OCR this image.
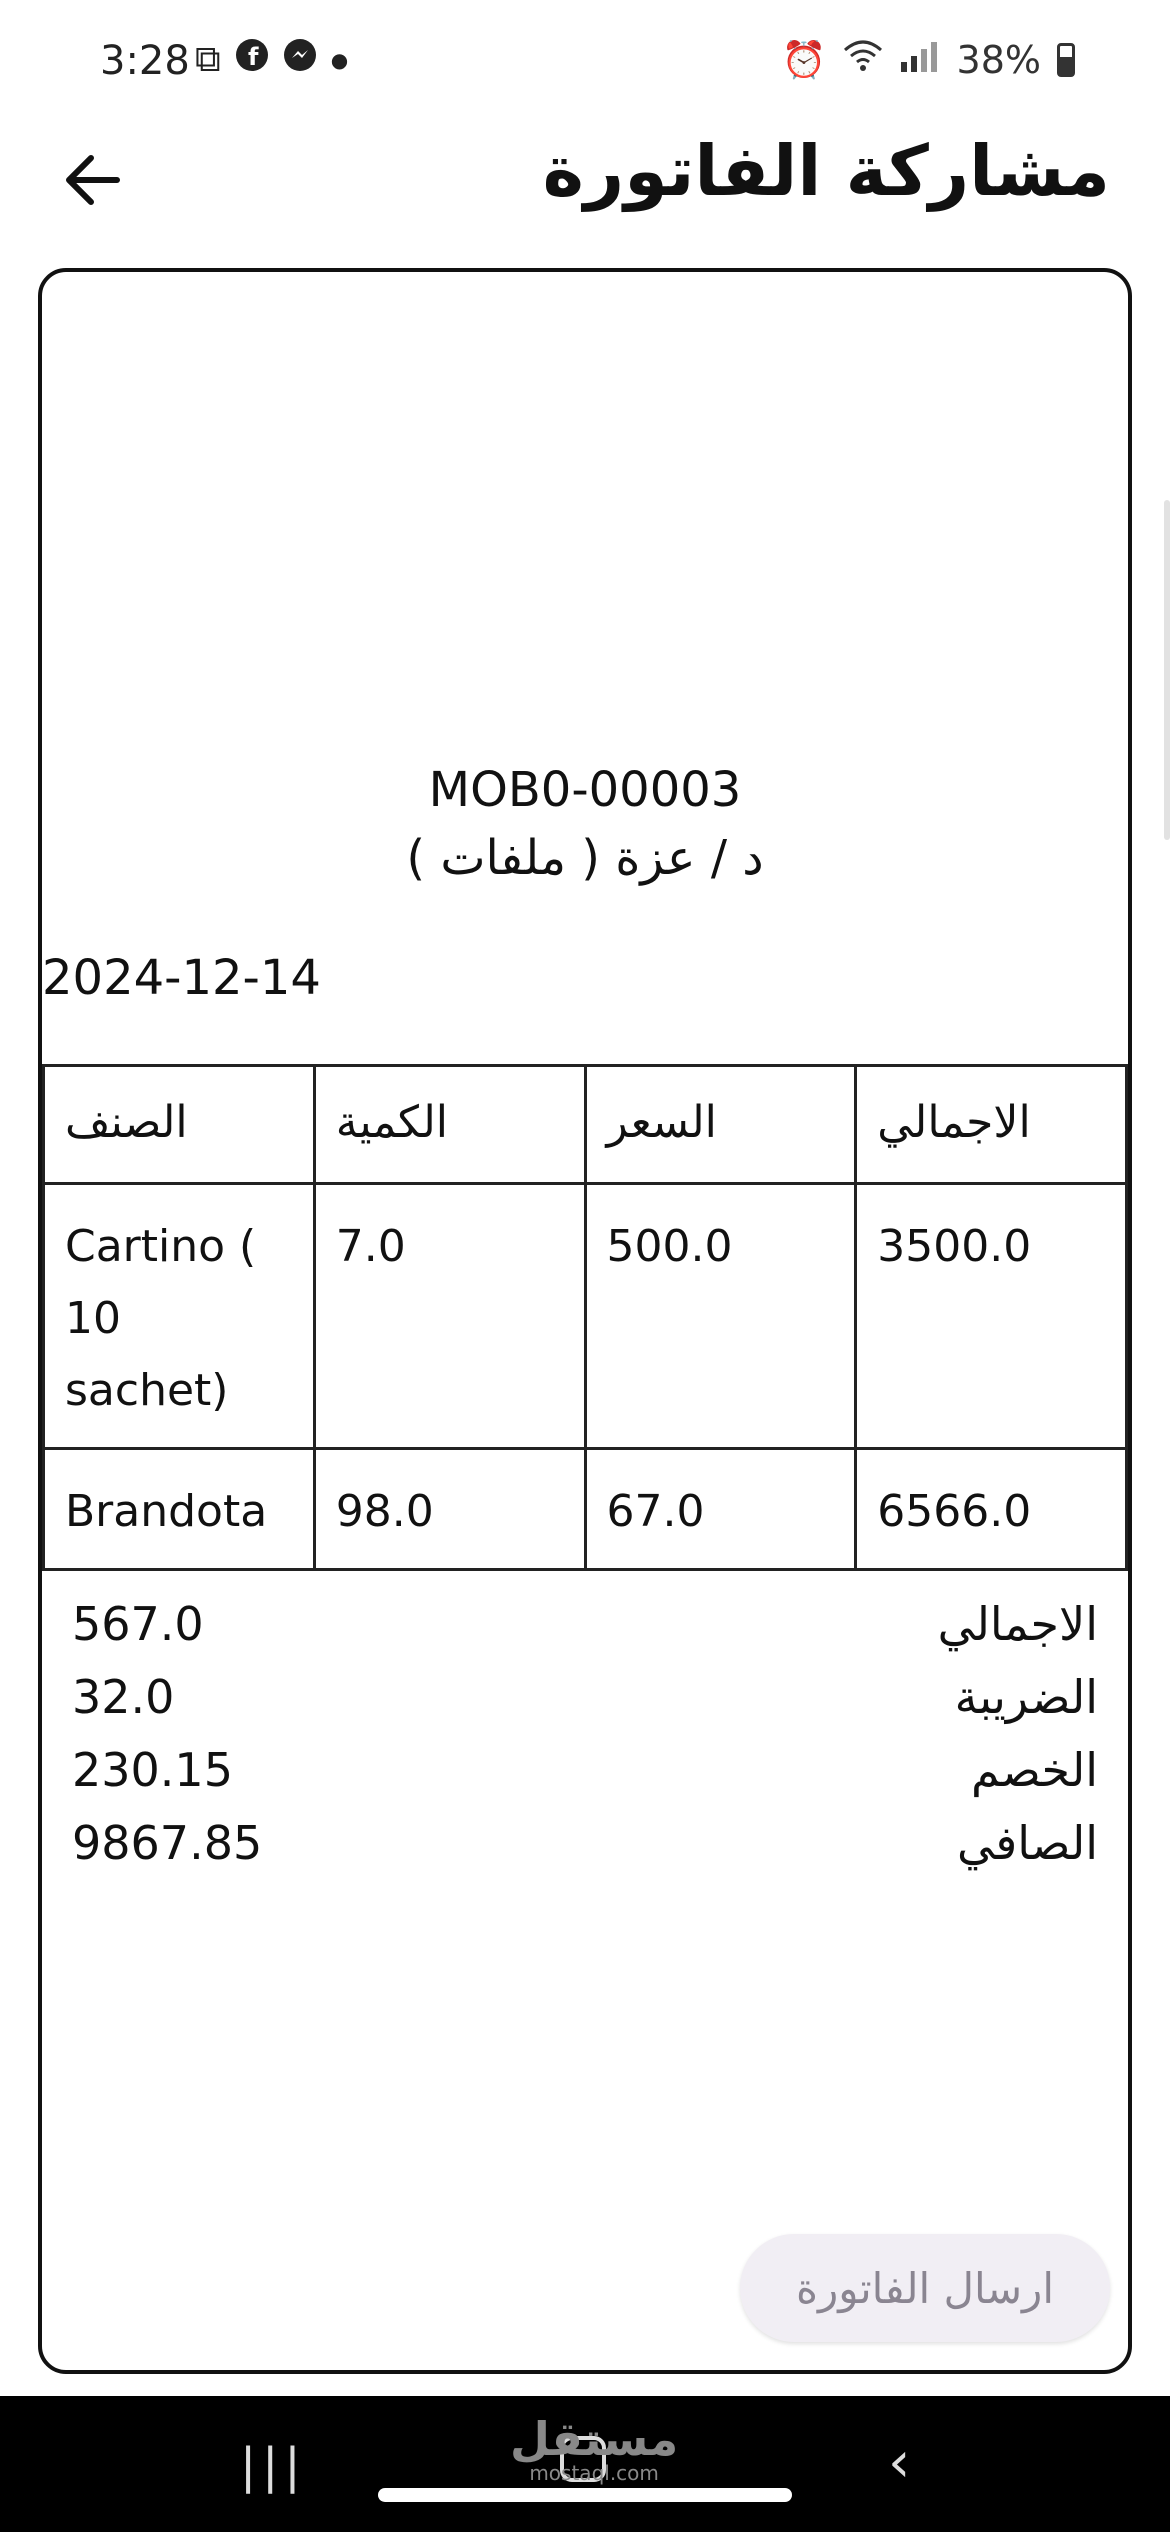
3:28 ⧉ f	●	⏰	38%
مشاركة الفاتورة
MOB0-00003
د / عزة ( ملفات )
2024-12-14
الصنف	الكمية	السعر	الاجمالي

Cartino ( 10 sachet)	7.0	500.0	3500.0
Brandota	98.0	67.0	6566.0
567.0	الاجمالي
32.0	الضريبة
230.15	الخصم
9867.85	الصافي
ارسال الفاتورة
|||	‹
مستقل
mostaql.com
